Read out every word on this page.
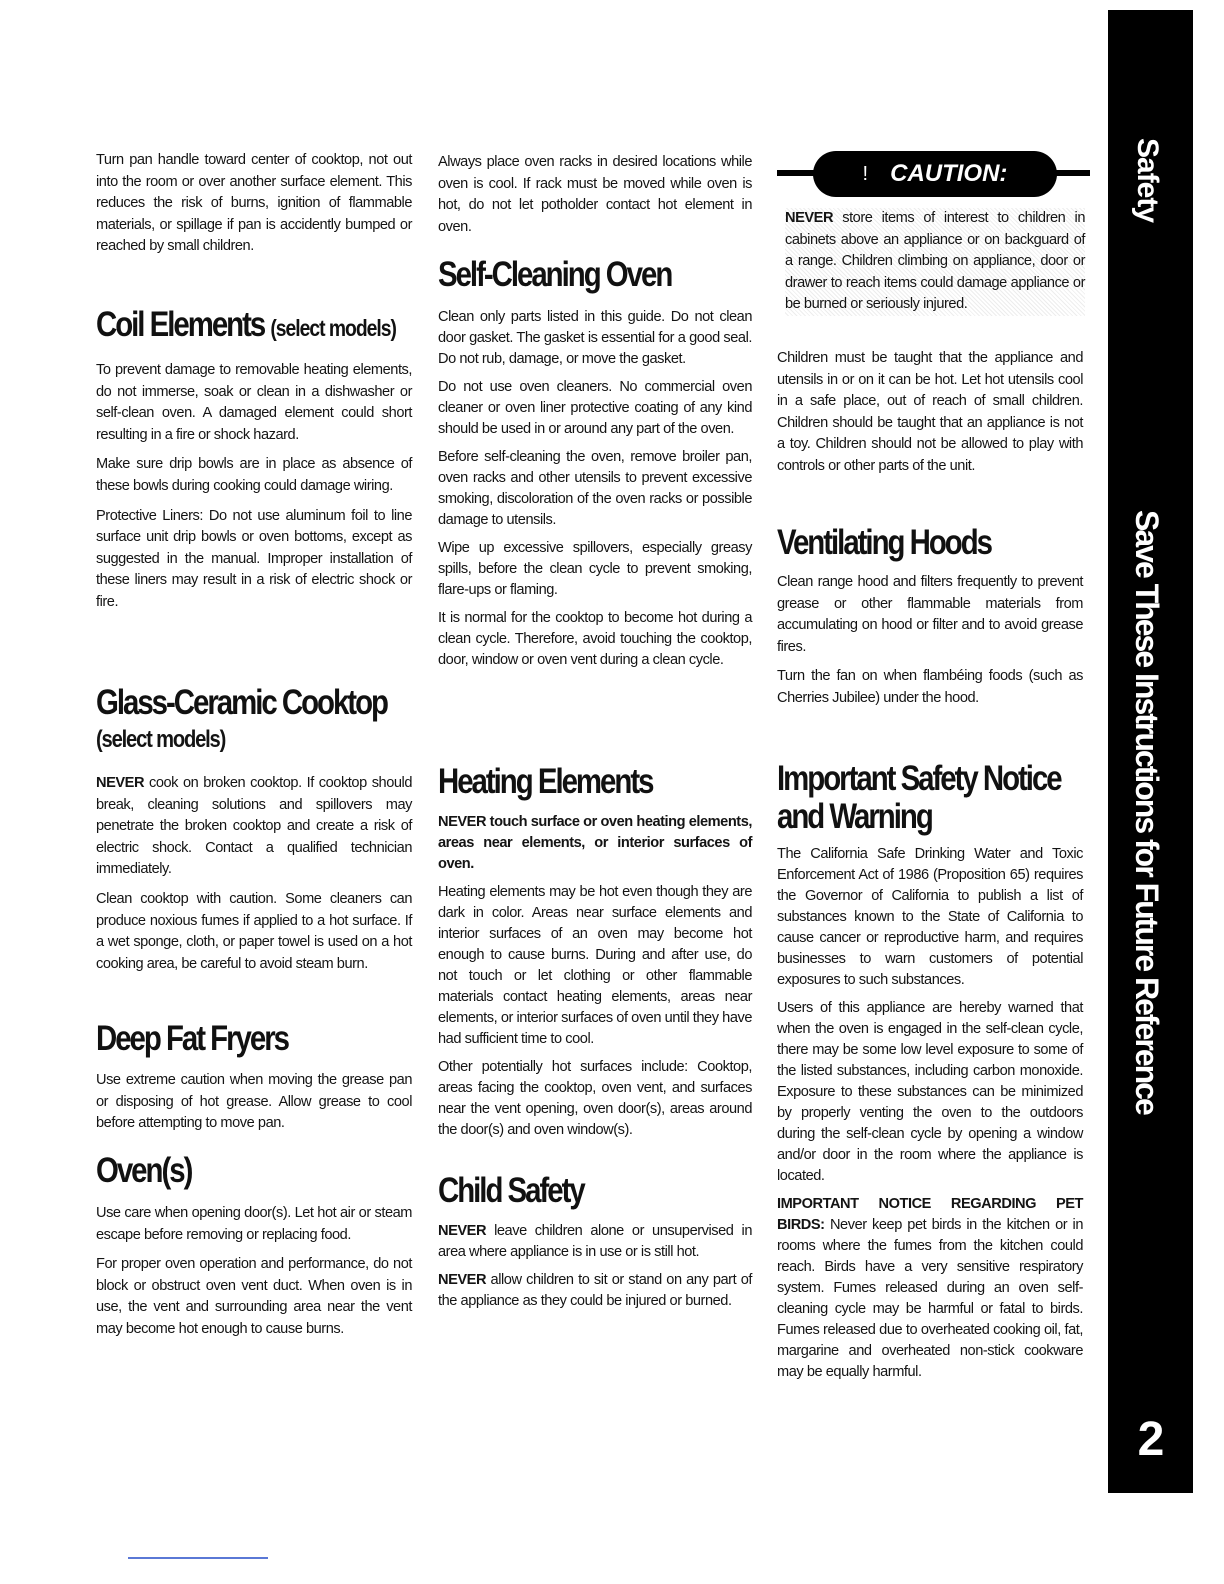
Turn pan handle toward center of cooktop, not out into the room or over another surface element. This reduces the risk of burns, ignition of flammable materials, or spillage if pan is accidently bumped or reached by small children.

Coil Elements (select models)

To prevent damage to removable heating elements, do not immerse, soak or clean in a dishwasher or self-clean oven. A damaged element could short resulting in a fire or shock hazard.

Make sure drip bowls are in place as absence of these bowls during cooking could damage wiring.

Protective Liners: Do not use aluminum foil to line surface unit drip bowls or oven bottoms, except as suggested in the manual. Improper installation of these liners may result in a risk of electric shock or fire.

Glass-Ceramic Cooktop
(select models)

NEVER cook on broken cooktop. If cooktop should break, cleaning solutions and spillovers may penetrate the broken cooktop and create a risk of electric shock. Contact a qualified technician immediately.

Clean cooktop with caution. Some cleaners can produce noxious fumes if applied to a hot surface. If a wet sponge, cloth, or paper towel is used on a hot cooking area, be careful to avoid steam burn.

Deep Fat Fryers

Use extreme caution when moving the grease pan or disposing of hot grease. Allow grease to cool before attempting to move pan.

Oven(s)

Use care when opening door(s). Let hot air or steam escape before removing or replacing food.

For proper oven operation and performance, do not block or obstruct oven vent duct. When oven is in use, the vent and surrounding area near the vent may become hot enough to cause burns.

Always place oven racks in desired locations while oven is cool. If rack must be moved while oven is hot, do not let potholder contact hot element in oven.

Self-Cleaning Oven

Clean only parts listed in this guide. Do not clean door gasket. The gasket is essential for a good seal. Do not rub, damage, or move the gasket.

Do not use oven cleaners. No commercial oven cleaner or oven liner protective coating of any kind should be used in or around any part of the oven.

Before self-cleaning the oven, remove broiler pan, oven racks and other utensils to prevent excessive smoking, discoloration of the oven racks or possible damage to utensils.

Wipe up excessive spillovers, especially greasy spills, before the clean cycle to prevent smoking, flare-ups or flaming.

It is normal for the cooktop to become hot during a clean cycle. Therefore, avoid touching the cooktop, door, window or oven vent during a clean cycle.

Heating Elements

NEVER touch surface or oven heating elements, areas near elements, or interior surfaces of oven.

Heating elements may be hot even though they are dark in color. Areas near surface elements and interior surfaces of an oven may become hot enough to cause burns. During and after use, do not touch or let clothing or other flammable materials contact heating elements, areas near elements, or interior surfaces of oven until they have had sufficient time to cool.

Other potentially hot surfaces include: Cooktop, areas facing the cooktop, oven vent, and surfaces near the vent opening, oven door(s), areas around the door(s) and oven window(s).

Child Safety

NEVER leave children alone or unsupervised in area where appliance is in use or is still hot.

NEVER allow children to sit or stand on any part of the appliance as they could be injured or burned.

! CAUTION:

NEVER store items of interest to children in cabinets above an appliance or on backguard of a range. Children climbing on appliance, door or drawer to reach items could damage appliance or be burned or seriously injured.

Children must be taught that the appliance and utensils in or on it can be hot. Let hot utensils cool in a safe place, out of reach of small children. Children should be taught that an appliance is not a toy. Children should not be allowed to play with controls or other parts of the unit.

Ventilating Hoods

Clean range hood and filters frequently to prevent grease or other flammable materials from accumulating on hood or filter and to avoid grease fires.

Turn the fan on when flambéing foods (such as Cherries Jubilee) under the hood.

Important Safety Notice
and Warning

The California Safe Drinking Water and Toxic Enforcement Act of 1986 (Proposition 65) requires the Governor of California to publish a list of substances known to the State of California to cause cancer or reproductive harm, and requires businesses to warn customers of potential exposures to such substances.

Users of this appliance are hereby warned that when the oven is engaged in the self-clean cycle, there may be some low level exposure to some of the listed substances, including carbon monoxide. Exposure to these substances can be minimized by properly venting the oven to the outdoors during the self-clean cycle by opening a window and/or door in the room where the appliance is located.

IMPORTANT NOTICE REGARDING PET BIRDS: Never keep pet birds in the kitchen or in rooms where the fumes from the kitchen could reach. Birds have a very sensitive respiratory system. Fumes released during an oven self-cleaning cycle may be harmful or fatal to birds. Fumes released due to overheated cooking oil, fat, margarine and overheated non-stick cookware may be equally harmful.

Safety
Save These Instructions for Future Reference
2
